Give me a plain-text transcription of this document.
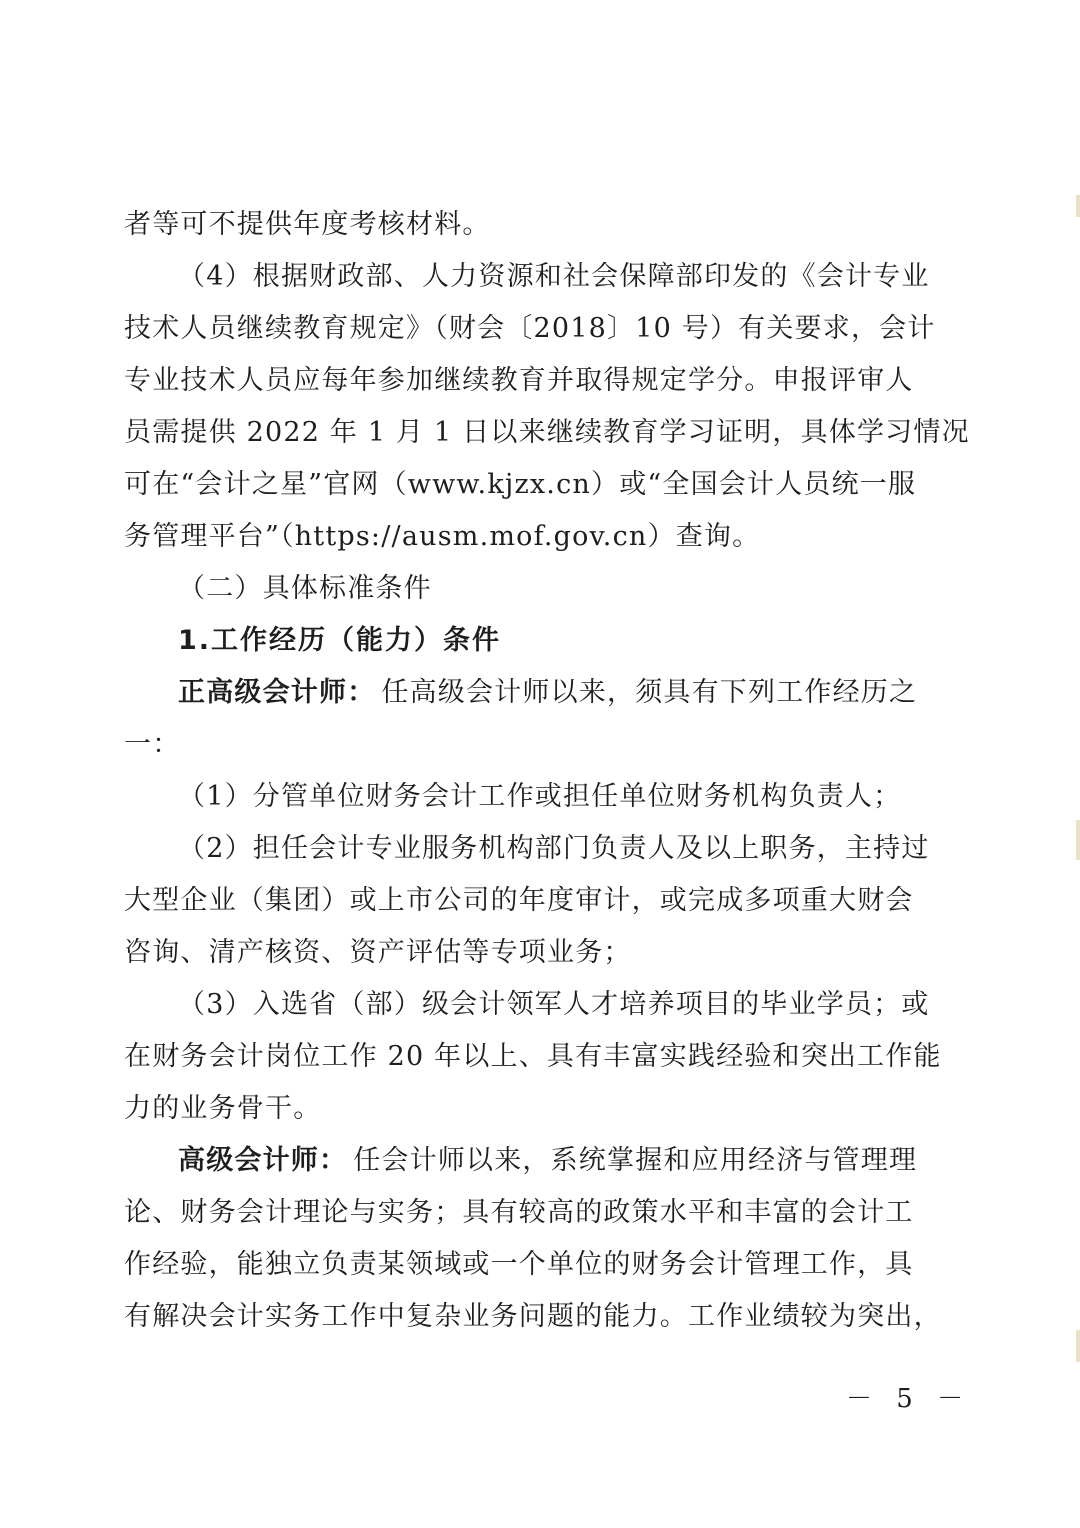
者等可不提供年度考核材料。
（4）根据财政部、人力资源和社会保障部印发的《会计专业
技术人员继续教育规定》（财会〔2018〕10 号）有关要求，会计
专业技术人员应每年参加继续教育并取得规定学分。申报评审人
员需提供 2022 年 1 月 1 日以来继续教育学习证明，具体学习情况
可在“会计之星”官网（www.kjzx.cn）或“全国会计人员统一服
务管理平台”（https://ausm.mof.gov.cn）查询。
（二）具体标准条件
1.工作经历（能力）条件
正高级会计师： 任高级会计师以来，须具有下列工作经历之
一：
（1）分管单位财务会计工作或担任单位财务机构负责人；
（2）担任会计专业服务机构部门负责人及以上职务，主持过
大型企业（集团）或上市公司的年度审计，或完成多项重大财会
咨询、清产核资、资产评估等专项业务；
（3）入选省（部）级会计领军人才培养项目的毕业学员；或
在财务会计岗位工作 20 年以上、具有丰富实践经验和突出工作能
力的业务骨干。
高级会计师： 任会计师以来，系统掌握和应用经济与管理理
论、财务会计理论与实务；具有较高的政策水平和丰富的会计工
作经验，能独立负责某领域或一个单位的财务会计管理工作，具
有解决会计实务工作中复杂业务问题的能力。工作业绩较为突出，
－ 5 －
